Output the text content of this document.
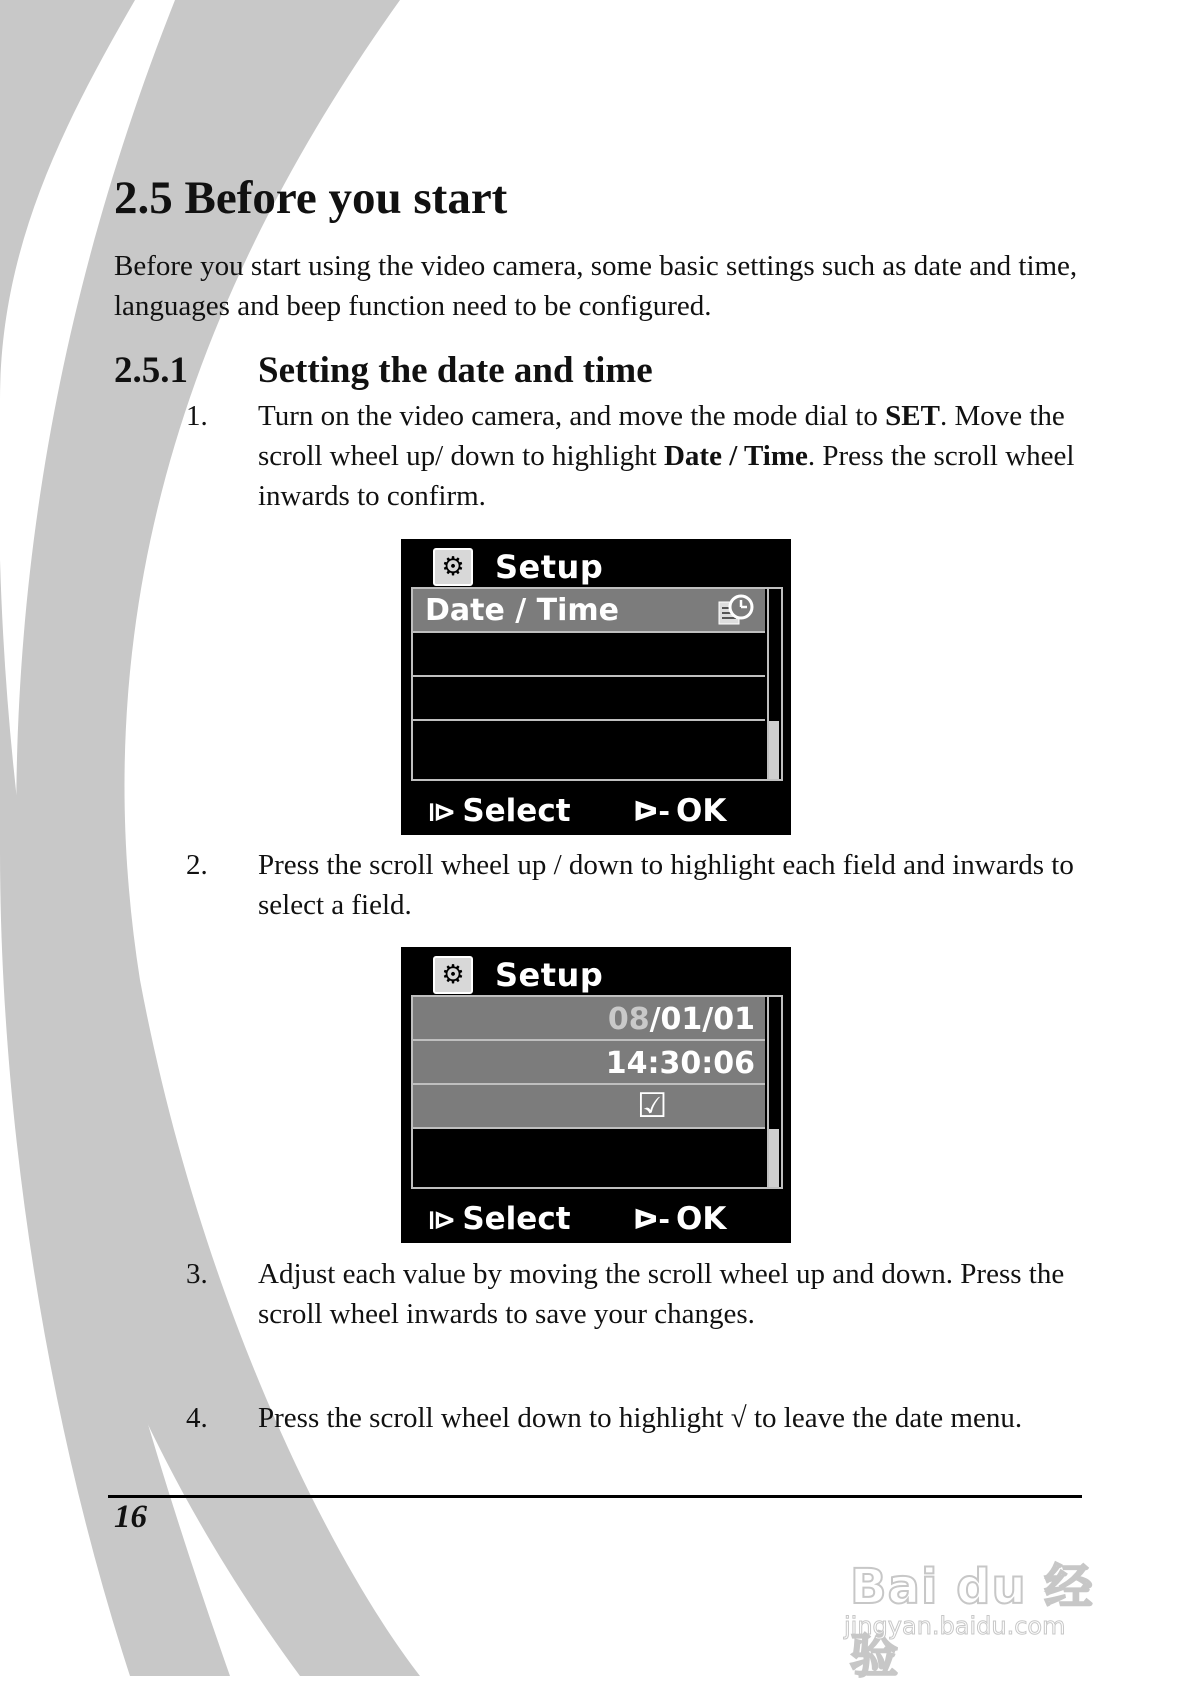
2.5 Before you start

Before you start using the video camera, some basic settings such as date and time, languages and beep function need to be configured.

2.5.1 Setting the date and time
1. Turn on the video camera, and move the mode dial to SET. Move the scroll wheel up/ down to highlight Date / Time. Press the scroll wheel inwards to confirm.

⚙ Setup
Date / Time
⧐ Select ᐅ- OK
2. Press the scroll wheel up / down to highlight each field and inwards to select a field.

⚙ Setup
08 /01/01
14:30:06
☑
⧐ Select ᐅ- OK
3. Adjust each value by moving the scroll wheel up and down. Press the scroll wheel inwards to save your changes.

4. Press the scroll wheel down to highlight √ to leave the date menu.

16
Bai du 经验
jingyan.baidu.com
